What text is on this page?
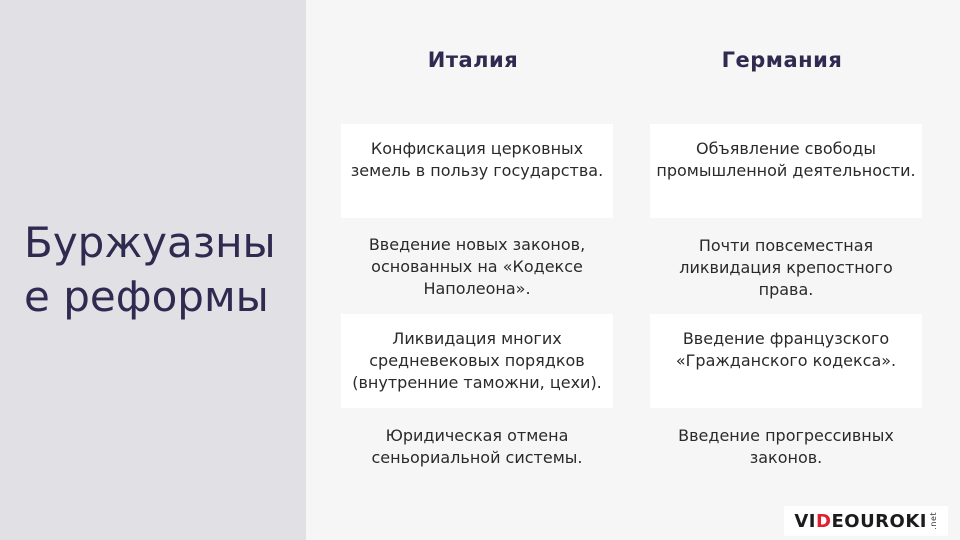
Буржуазные реформы
Италия	Германия
Конфискация церковных земель в пользу государства.
Введение новых законов, основанных на «Кодексе Наполеона».
Ликвидация многих средневековых порядков (внутренние таможни, цехи).
Юридическая отмена сеньориальной системы.
Объявление свободы промышленной деятельности.
Почти повсеместная ликвидация крепостного права.
Введение французского «Гражданского кодекса».
Введение прогрессивных законов.
VI D EOUROKI .net
